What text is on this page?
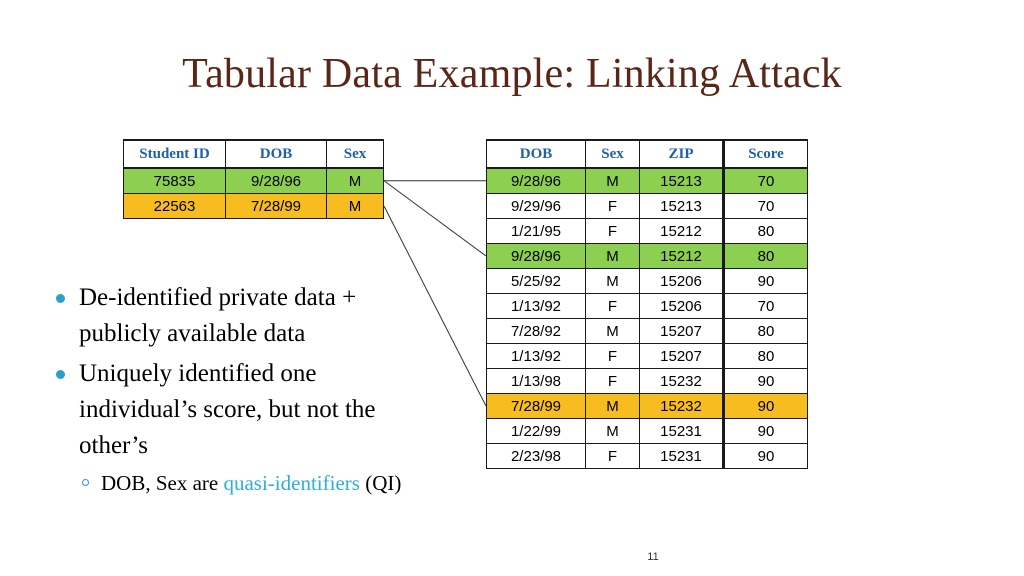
Tabular Data Example: Linking Attack
Student ID	DOB	Sex
75835	9/28/96	M
22563	7/28/99	M
DOB	Sex	ZIP	Score
9/28/96	M	15213	70
9/29/96	F	15213	70
1/21/95	F	15212	80
9/28/96	M	15212	80
5/25/92	M	15206	90
1/13/92	F	15206	70
7/28/92	M	15207	80
1/13/92	F	15207	80
1/13/98	F	15232	90
7/28/99	M	15232	90
1/22/99	M	15231	90
2/23/98	F	15231	90
De-identified private data + publicly available data
Uniquely identified one individual’s score, but not the other’s
DOB, Sex are quasi-identifiers (QI)
11
